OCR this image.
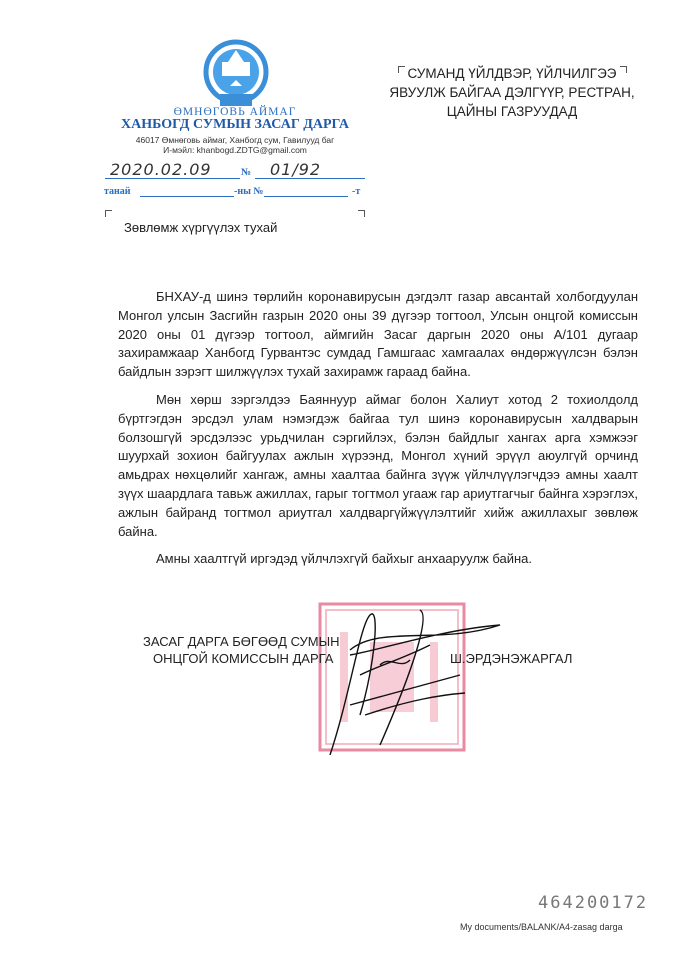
ӨМНӨГОВЬ АЙМАГ
ХАНБОГД СУМЫН ЗАСАГ ДАРГА
46017 Өмнөговь аймаг, Ханбогд сум, Гавилууд баг
И-мэйл: khanbogd.ZDTG@gmail.com
2020.02.09	№ 01/92
танай	-ны №	-т
СУМАНД ҮЙЛДВЭР, ҮЙЛЧИЛГЭЭ
ЯВУУЛЖ БАЙГАА ДЭЛГҮҮР, РЕСТРАН,
ЦАЙНЫ ГАЗРУУДАД
Зөвлөмж хүргүүлэх тухай

БНХАУ-д шинэ төрлийн коронавирусын дэгдэлт газар авсантай холбогдуулан Монгол улсын Засгийн газрын 2020 оны 39 дүгээр тогтоол, Улсын онцгой комиссын 2020 оны 01 дүгээр тогтоол, аймгийн Засаг даргын 2020 оны А/101 дугаар захирамжаар Ханбогд Гурвантэс сумдад Гамшгаас хамгаалах өндөржүүлсэн бэлэн байдлын зэрэгт шилжүүлэх тухай захирамж гараад байна.

Мөн хөрш зэргэлдээ Баяннуур аймаг болон Халиут хотод 2 тохиолдолд бүртгэгдэн эрсдэл улам нэмэгдэж байгаа тул шинэ коронавирусын халдварын болзошгүй эрсдэлээс урьдчилан сэргийлэх, бэлэн байдлыг хангах арга хэмжээг шуурхай зохион байгуулах ажлын хүрээнд, Монгол хүний эрүүл аюулгүй орчинд амьдрах нөхцөлийг хангаж, амны хаалтаа байнга зүүж үйлчлүүлэгчдээ амны хаалт зүүх шаардлага тавьж ажиллах, гарыг тогтмол угааж гар ариутгагчыг байнга хэрэглэх, ажлын байранд тогтмол ариутгал халдваргүйжүүлэлтийг хийж ажиллахыг зөвлөж байна.

Амны хаалтгүй иргэдэд үйлчлэхгүй байхыг анхааруулж байна.

ЗАСАГ ДАРГА БӨГӨӨД СУМЫН
ОНЦГОЙ КОМИССЫН ДАРГА	Ш.ЭРДЭНЭЖАРГАЛ
464200172
My documents/BALANK/A4-zasag darga
